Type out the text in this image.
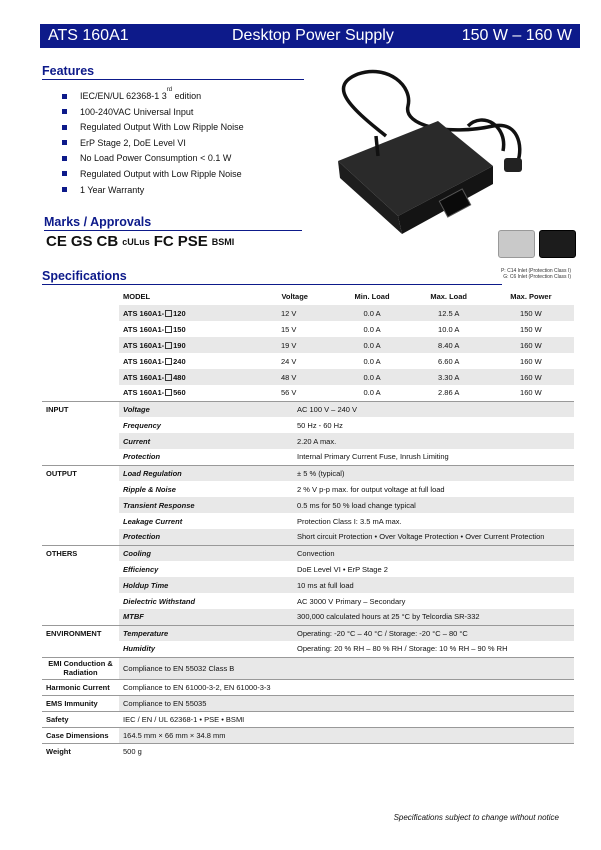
ATS 160A1	Desktop Power Supply	150 W – 160 W
Features
IEC/EN/UL 62368-1 3
rd
edition
100-240VAC Universal Input
Regulated Output With Low Ripple Noise
ErP Stage 2, DoE Level VI
No Load Power Consumption < 0.1 W
Regulated Output with Low Ripple Noise
1 Year Warranty
Marks / Approvals
CE GS CB cULus FC PSE BSMI
P: C14 Inlet (Protection Class I)
G: C6 Inlet (Protection Class I)
Specifications
	MODEL	Voltage	Min. Load	Max. Load	Max. Power
	ATS 160A1- 120	12 V	0.0 A	12.5 A	150 W
	ATS 160A1- 150	15 V	0.0 A	10.0 A	150 W
	ATS 160A1- 190	19 V	0.0 A	8.40 A	160 W
	ATS 160A1- 240	24 V	0.0 A	6.60 A	160 W
	ATS 160A1- 480	48 V	0.0 A	3.30 A	160 W
	ATS 160A1- 560	56 V	0.0 A	2.86 A	160 W
INPUT	Voltage	AC 100 V – 240 V			
	Frequency	50 Hz - 60 Hz			
	Current	2.20 A max.			
	Protection	Internal Primary Current Fuse, Inrush Limiting			
OUTPUT	Load Regulation	± 5 % (typical)			
	Ripple & Noise	2 % V p-p max. for output voltage at full load			
	Transient Response	0.5 ms for 50 % load change typical			
	Leakage Current	Protection Class I: 3.5 mA max.			
	Protection	Short circuit Protection • Over Voltage Protection • Over Current Protection			
OTHERS	Cooling	Convection			
	Efficiency	DoE Level VI • ErP Stage 2			
	Holdup Time	10 ms at full load			
	Dielectric Withstand	AC 3000 V Primary – Secondary			
	MTBF	300,000 calculated hours at 25 °C by Telcordia SR-332			
ENVIRONMENT	Temperature	Operating: -20 °C – 40 °C / Storage: -20 °C – 80 °C			
	Humidity	Operating: 20 % RH – 80 % RH / Storage: 10 % RH – 90 % RH			
EMI Conduction & Radiation	Compliance to EN 55032 Class B				
Harmonic Current	Compliance to EN 61000-3-2, EN 61000-3-3				
EMS Immunity	Compliance to EN 55035				
Safety	IEC / EN / UL 62368-1 • PSE • BSMI				
Case Dimensions	164.5 mm × 66 mm × 34.8 mm				
Weight	500 g				
Specifications subject to change without notice
